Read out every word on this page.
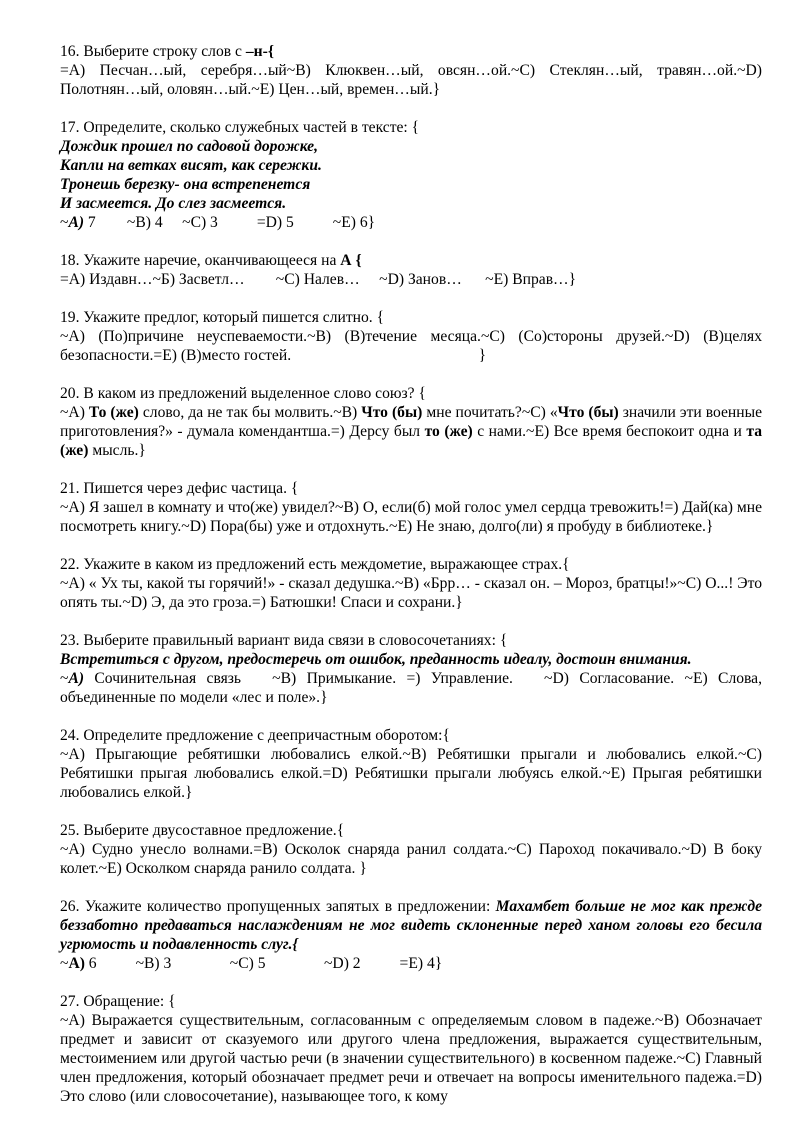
16. Выберите строку слов с –н-{

=А) Песчан…ый, серебря…ый~B) Клюквен…ый, овсян…ой.~C) Стеклян…ый, травян…ой.~D) Полотнян…ый, оловян…ый.~E) Цен…ый, времен…ый.}

17. Определите, сколько служебных частей в тексте: {

Дождик прошел по садовой дорожке,

Капли на ветках висят, как сережки.

Тронешь березку- она встрепенется

И засмеется. До слез засмеется.

~А) 7        ~B) 4     ~C) 3          =D) 5          ~E) 6}

18. Укажите наречие, оканчивающееся на А {

=А) Издавн…~Б) Засветл…        ~C) Налев…     ~D) Занов…      ~E) Вправ…}

19. Укажите предлог, который пишется слитно. {

~А) (По)причине неуспеваемости.~B) (В)течение месяца.~C) (Со)стороны друзей.~D) (В)целях безопасности.=E) (В)место гостей.	}

20. В каком из предложений выделенное слово союз? {

~А) То (же) слово, да не так бы молвить.~B) Что (бы) мне почитать?~C) «Что (бы) значили эти военные приготовления?» - думала комендантша.=) Дерсу был то (же) с нами.~E) Все время беспокоит одна и та (же) мысль.}

21. Пишется через дефис частица. {

~А) Я зашел в комнату и что(же) увидел?~B) О, если(б) мой голос умел сердца тревожить!=) Дай(ка) мне посмотреть книгу.~D) Пора(бы) уже и отдохнуть.~E) Не знаю, долго(ли) я пробуду в библиотеке.}

22. Укажите в каком из предложений есть междометие, выражающее страх.{

~А) « Ух ты, какой ты горячий!» - сказал дедушка.~B) «Брр… - сказал он. – Мороз, братцы!»~C) О...! Это опять ты.~D) Э, да это гроза.=) Батюшки! Спаси и сохрани.}

23. Выберите правильный вариант вида связи в словосочетаниях: {

Встретиться с другом, предостеречь от ошибок, преданность идеалу, достоин внимания.

~А) Сочинительная связь   ~B) Примыкание. =) Управление.   ~D) Согласование. ~E) Слова, объединенные по модели «лес и поле».}

24. Определите предложение с деепричастным оборотом:{

~А) Прыгающие ребятишки любовались елкой.~B) Ребятишки прыгали и любовались елкой.~C) Ребятишки прыгая любовались елкой.=D) Ребятишки прыгали любуясь елкой.~E) Прыгая ребятишки любовались елкой.}

25. Выберите двусоставное предложение.{

~А) Судно унесло волнами.=B) Осколок снаряда ранил солдата.~C) Пароход покачивало.~D) В боку колет.~E) Осколком снаряда ранило солдата. }

26. Укажите количество пропущенных запятых в предложении: Махамбет больше не мог как прежде беззаботно предаваться наслаждениям не мог видеть склоненные перед ханом головы его бесила угрюмость и подавленность слуг.{

~А) 6          ~B) 3               ~C) 5               ~D) 2          =E) 4}

27. Обращение: {

~А) Выражается существительным, согласованным с определяемым словом в падеже.~B) Обозначает предмет и зависит от сказуемого или другого члена предложения, выражается существительным, местоимением или другой частью речи (в значении существительного) в косвенном падеже.~C) Главный член предложения, который обозначает предмет речи и отвечает на вопросы именительного падежа.=D) Это слово (или словосочетание), называющее того, к кому
